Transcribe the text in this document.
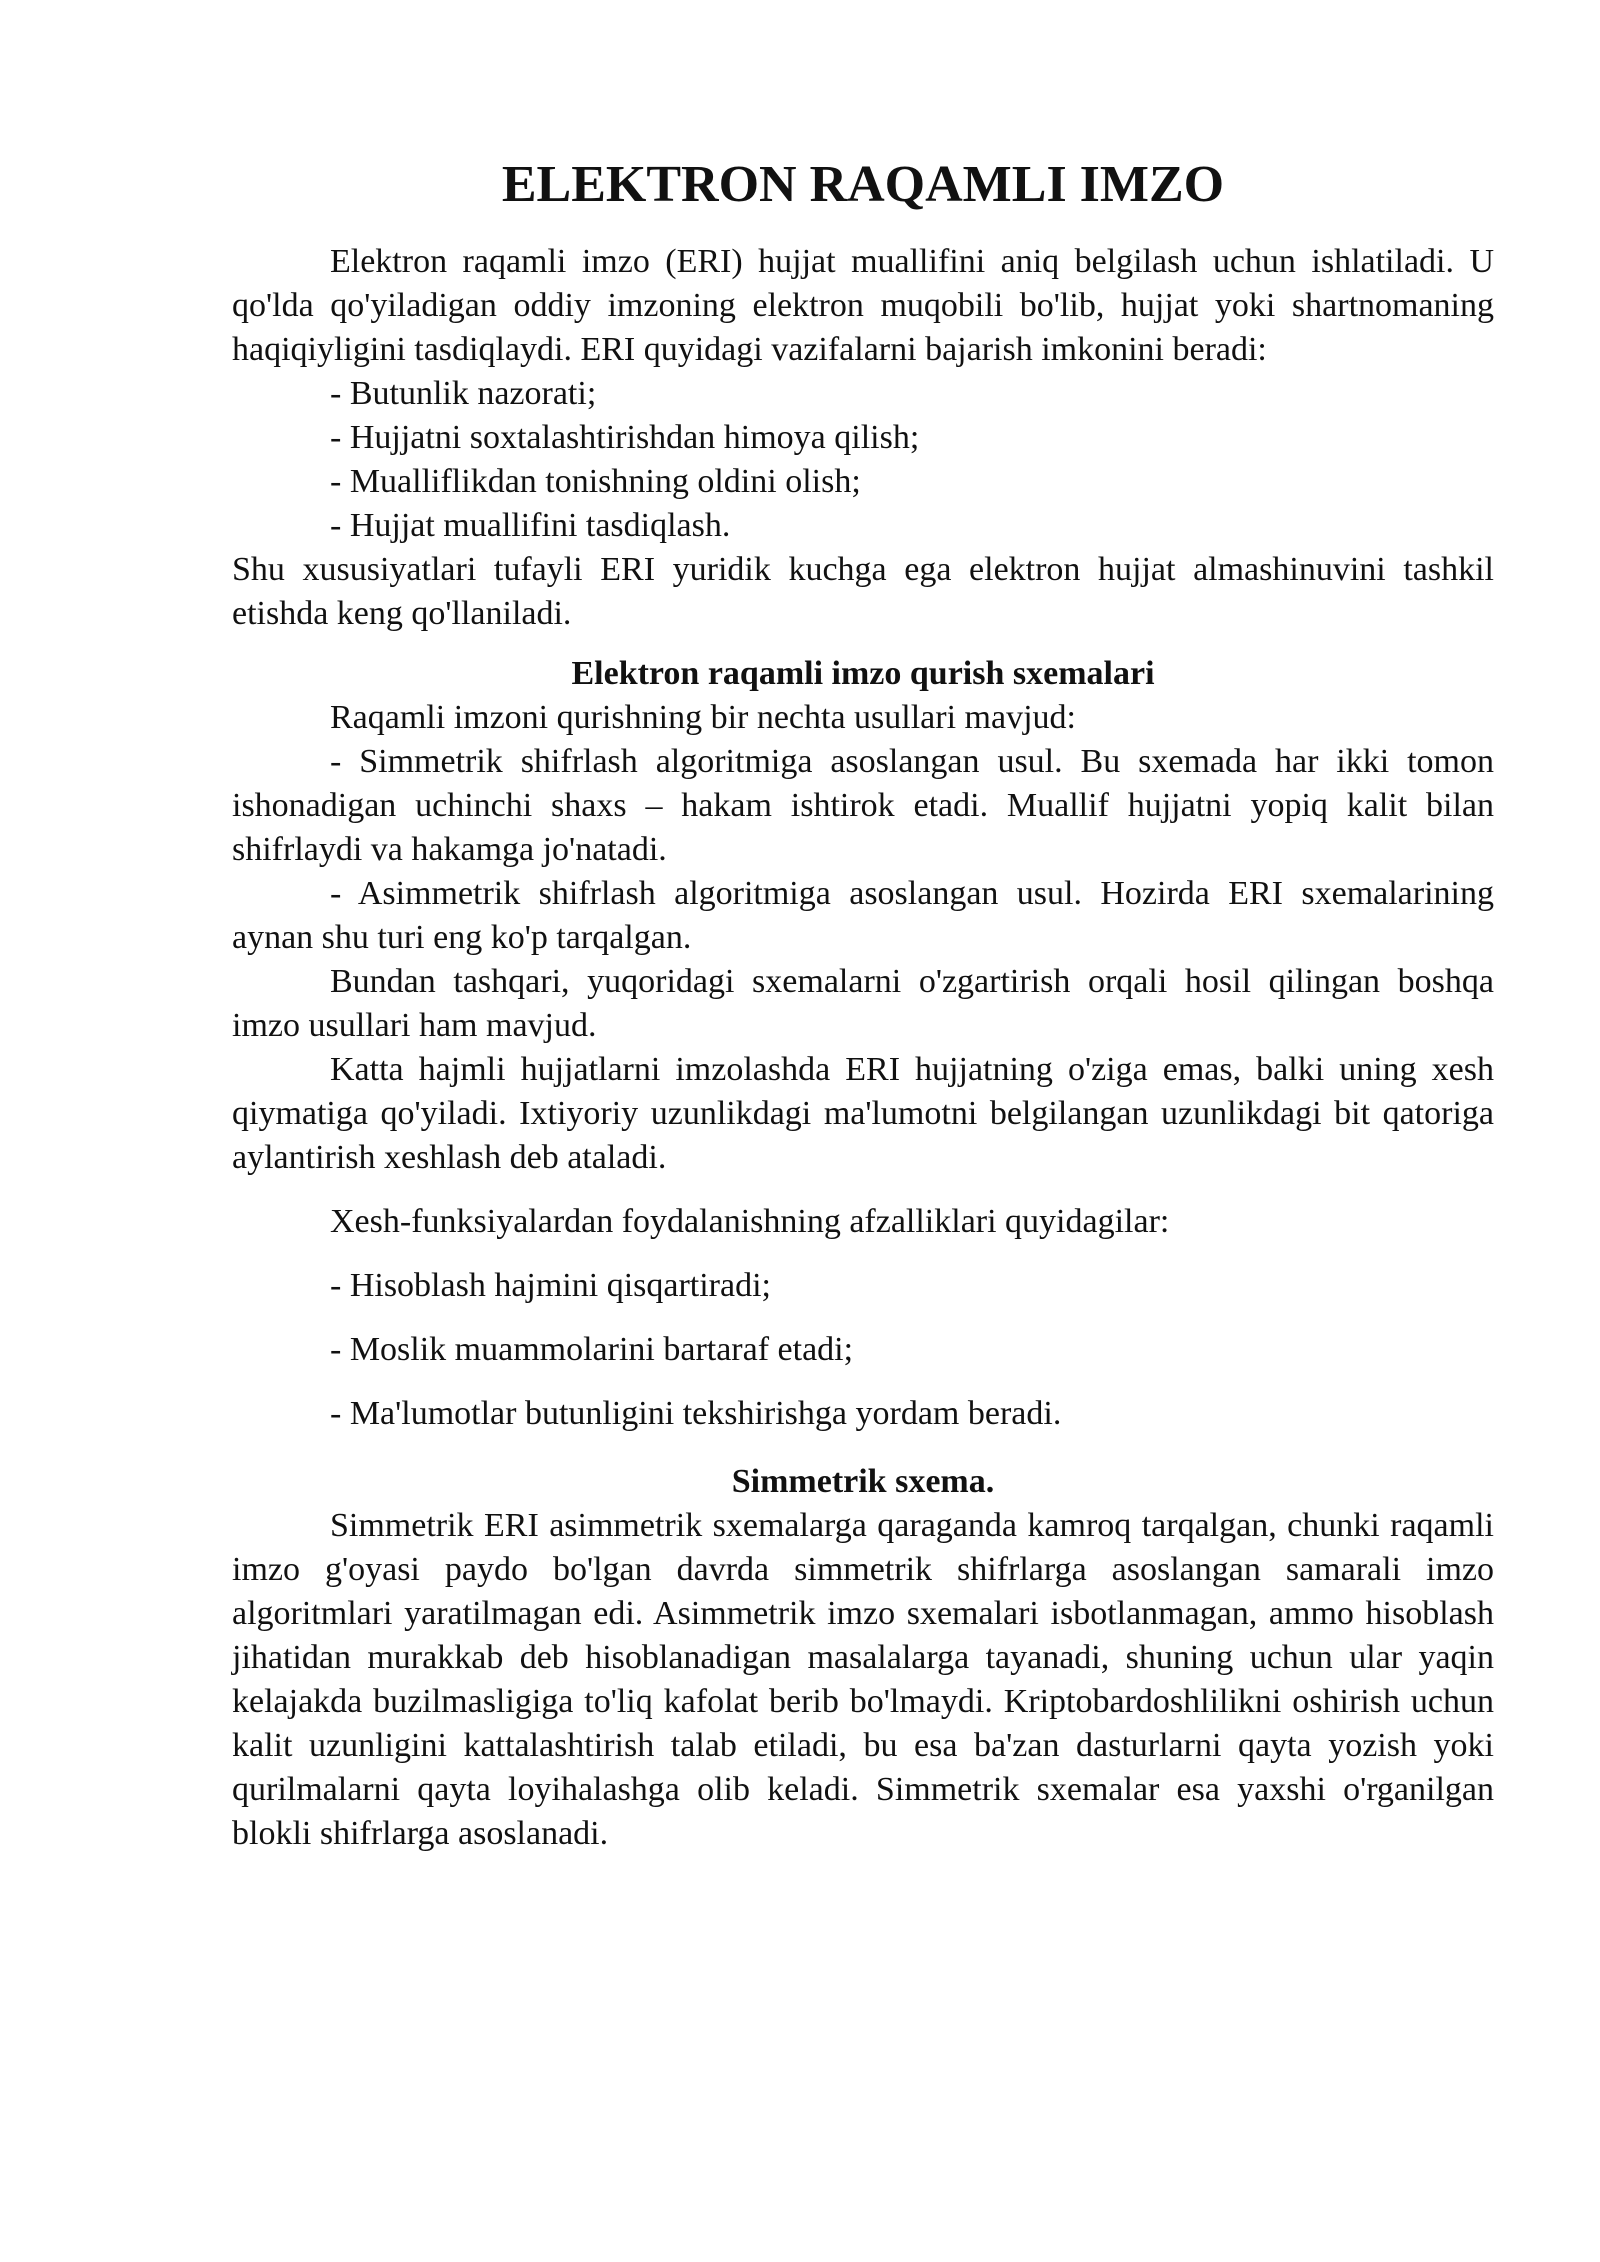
ELEKTRON RAQAMLI IMZO

Elektron raqamli imzo (ERI) hujjat muallifini aniq belgilash uchun ishlatiladi. U qo'lda qo'yiladigan oddiy imzoning elektron muqobili bo'lib, hujjat yoki shartnomaning haqiqiyligini tasdiqlaydi. ERI quyidagi vazifalarni bajarish imkonini beradi:

- Butunlik nazorati;
- Hujjatni soxtalashtirishdan himoya qilish;
- Mualliflikdan tonishning oldini olish;
- Hujjat muallifini tasdiqlash.

Shu xususiyatlari tufayli ERI yuridik kuchga ega elektron hujjat almashinuvini tashkil etishda keng qo'llaniladi.

Elektron raqamli imzo qurish sxemalari

Raqamli imzoni qurishning bir nechta usullari mavjud:

- Simmetrik shifrlash algoritmiga asoslangan usul. Bu sxemada har ikki tomon ishonadigan uchinchi shaxs – hakam ishtirok etadi. Muallif hujjatni yopiq kalit bilan shifrlaydi va hakamga jo'natadi.

- Asimmetrik shifrlash algoritmiga asoslangan usul. Hozirda ERI sxemalarining aynan shu turi eng ko'p tarqalgan.

Bundan tashqari, yuqoridagi sxemalarni o'zgartirish orqali hosil qilingan boshqa imzo usullari ham mavjud.

Katta hajmli hujjatlarni imzolashda ERI hujjatning o'ziga emas, balki uning xesh qiymatiga qo'yiladi. Ixtiyoriy uzunlikdagi ma'lumotni belgilangan uzunlikdagi bit qatoriga aylantirish xeshlash deb ataladi.

Xesh-funksiyalardan foydalanishning afzalliklari quyidagilar:

- Hisoblash hajmini qisqartiradi;
- Moslik muammolarini bartaraf etadi;
- Ma'lumotlar butunligini tekshirishga yordam beradi.
Simmetrik sxema.

Simmetrik ERI asimmetrik sxemalarga qaraganda kamroq tarqalgan, chunki raqamli imzo g'oyasi paydo bo'lgan davrda simmetrik shifrlarga asoslangan samarali imzo algoritmlari yaratilmagan edi. Asimmetrik imzo sxemalari isbotlanmagan, ammo hisoblash jihatidan murakkab deb hisoblanadigan masalalarga tayanadi, shuning uchun ular yaqin kelajakda buzilmasligiga to'liq kafolat berib bo'lmaydi. Kriptobardoshlilikni oshirish uchun kalit uzunligini kattalashtirish talab etiladi, bu esa ba'zan dasturlarni qayta yozish yoki qurilmalarni qayta loyihalashga olib keladi. Simmetrik sxemalar esa yaxshi o'rganilgan blokli shifrlarga asoslanadi.
